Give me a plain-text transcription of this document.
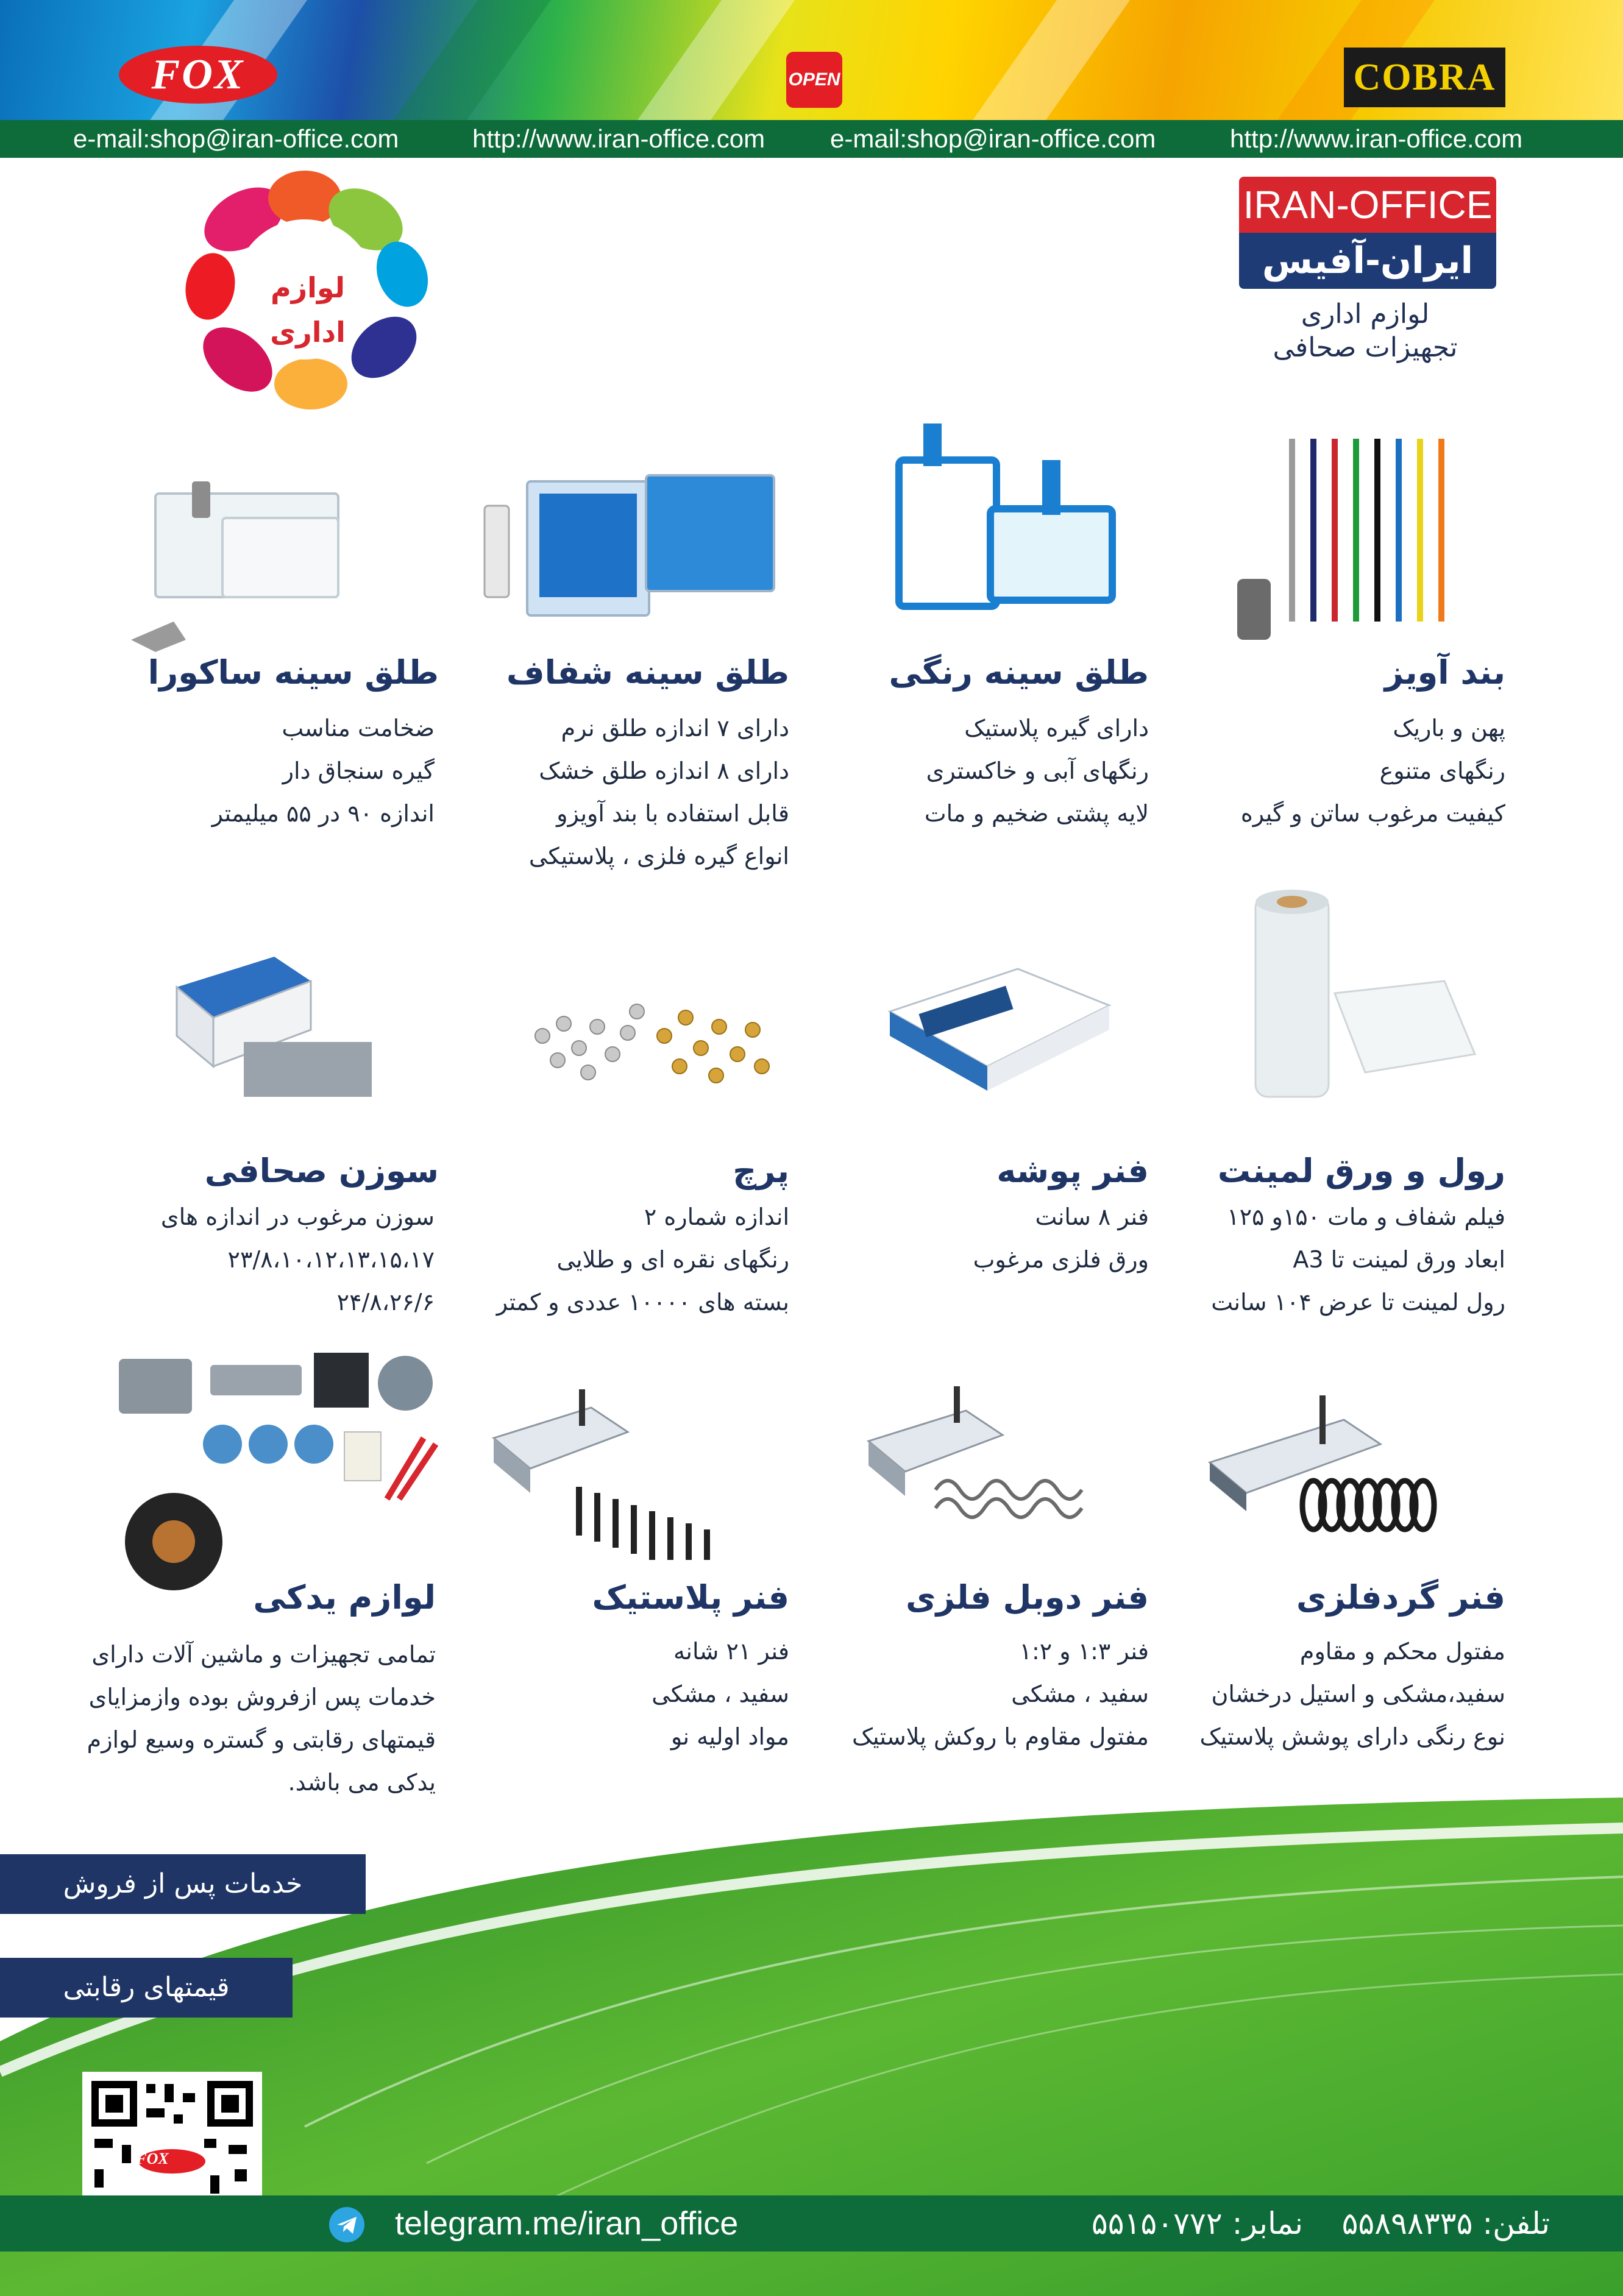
FOX	OPEN	COBRA
e-mail:shop@iran-office.com	http://www.iran-office.com	e-mail:shop@iran-office.com	http://www.iran-office.com
IRAN-OFFICE
ایران-آفیس
لوازم اداری
تجهیزات صحافی
لوازم
اداری
بند آویز
پهن و باریک
رنگهای متنوع
کیفیت مرغوب ساتن و گیره
طلق سینه رنگی
دارای گیره پلاستیک
رنگهای آبی و خاکستری
لایه پشتی ضخیم و مات
طلق سینه شفاف
دارای ۷ اندازه طلق نرم
دارای ۸ اندازه طلق خشک
قابل استفاده با بند آویزو
انواع گیره فلزی ، پلاستیکی
طلق سینه ساکورا
ضخامت مناسب
گیره سنجاق دار
اندازه ۹۰ در ۵۵ میلیمتر
رول و ورق لمینت
فیلم شفاف و مات ۱۵۰و ۱۲۵
ابعاد ورق لمینت تا A3
رول لمینت تا عرض ۱۰۴ سانت
فنر پوشه
فنر ۸ سانت
ورق فلزی مرغوب
پرچ
اندازه شماره ۲
رنگهای نقره ای و طلایی
بسته های ۱۰۰۰۰ عددی و کمتر
سوزن صحافی
سوزن مرغوب در اندازه های
۲۳/۸،۱۰،۱۲،۱۳،۱۵،۱۷
۲۴/۸،۲۶/۶
فنر گردفلزی
مفتول محکم و مقاوم
سفید،مشکی و استیل درخشان
نوع رنگی دارای پوشش پلاستیک
فنر دوبل فلزی
فنر ۱:۳ و ۱:۲
سفید ، مشکی
مفتول مقاوم با روکش پلاستیک
فنر پلاستیک
فنر ۲۱ شانه
سفید ، مشکی
مواد اولیه نو
لوازم یدکی
تمامی تجهیزات و ماشین آلات دارای
خدمات پس ازفروش بوده وازمزایای
قیمتهای رقابتی و گستره وسیع لوازم
یدکی می باشد.
خدمات پس از فروش
قیمتهای رقابتی
FOX
telegram.me/iran_office	تلفن: ۵۵۸۹۸۳۳۵    نمابر: ۵۵۱۵۰۷۷۲
